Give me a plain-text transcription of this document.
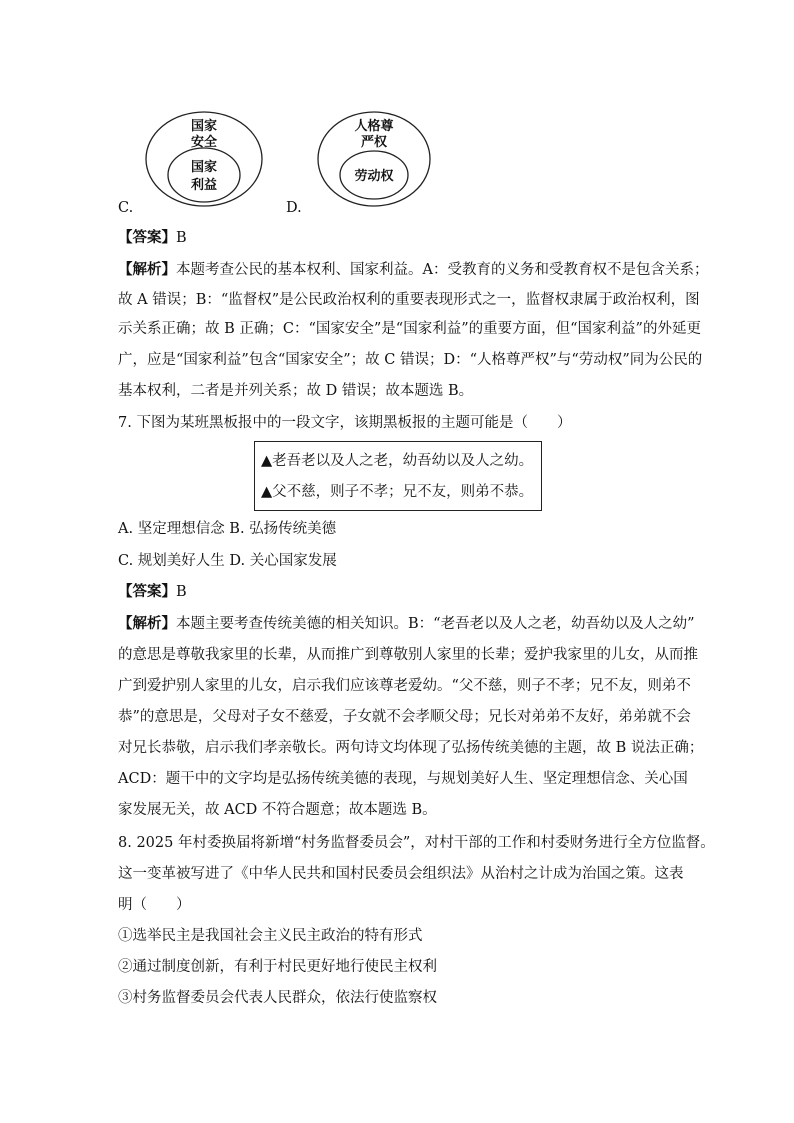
国家
安全
国家
利益
C.
人格尊
严权
劳动权
D.
【答案】B
【解析】本题考查公民的基本权利、国家利益。A：受教育的义务和受教育权不是包含关系；
故 A 错误；B：“监督权”是公民政治权利的重要表现形式之一，监督权隶属于政治权利，图
示关系正确；故 B 正确；C：“国家安全”是“国家利益”的重要方面，但“国家利益”的外延更
广，应是“国家利益”包含“国家安全”；故 C 错误；D：“人格尊严权”与“劳动权”同为公民的
基本权利，二者是并列关系；故 D 错误；故本题选 B。
7. 下图为某班黑板报中的一段文字，该期黑板报的主题可能是（　　）
▲老吾老以及人之老，幼吾幼以及人之幼。
▲父不慈，则子不孝；兄不友，则弟不恭。
A. 坚定理想信念 B. 弘扬传统美德
C. 规划美好人生 D. 关心国家发展
【答案】B
【解析】本题主要考查传统美德的相关知识。B：“老吾老以及人之老，幼吾幼以及人之幼”
的意思是尊敬我家里的长辈，从而推广到尊敬别人家里的长辈；爱护我家里的儿女，从而推
广到爱护别人家里的儿女，启示我们应该尊老爱幼。“父不慈，则子不孝；兄不友，则弟不
恭”的意思是，父母对子女不慈爱，子女就不会孝顺父母；兄长对弟弟不友好，弟弟就不会
对兄长恭敬，启示我们孝亲敬长。两句诗文均体现了弘扬传统美德的主题，故 B 说法正确；
ACD：题干中的文字均是弘扬传统美德的表现，与规划美好人生、坚定理想信念、关心国
家发展无关，故 ACD 不符合题意；故本题选 B。
8. 2025 年村委换届将新增“村务监督委员会”，对村干部的工作和村委财务进行全方位监督。
这一变革被写进了《中华人民共和国村民委员会组织法》从治村之计成为治国之策。这表
明（　　）
①选举民主是我国社会主义民主政治的特有形式
②通过制度创新，有利于村民更好地行使民主权利
③村务监督委员会代表人民群众，依法行使监察权
